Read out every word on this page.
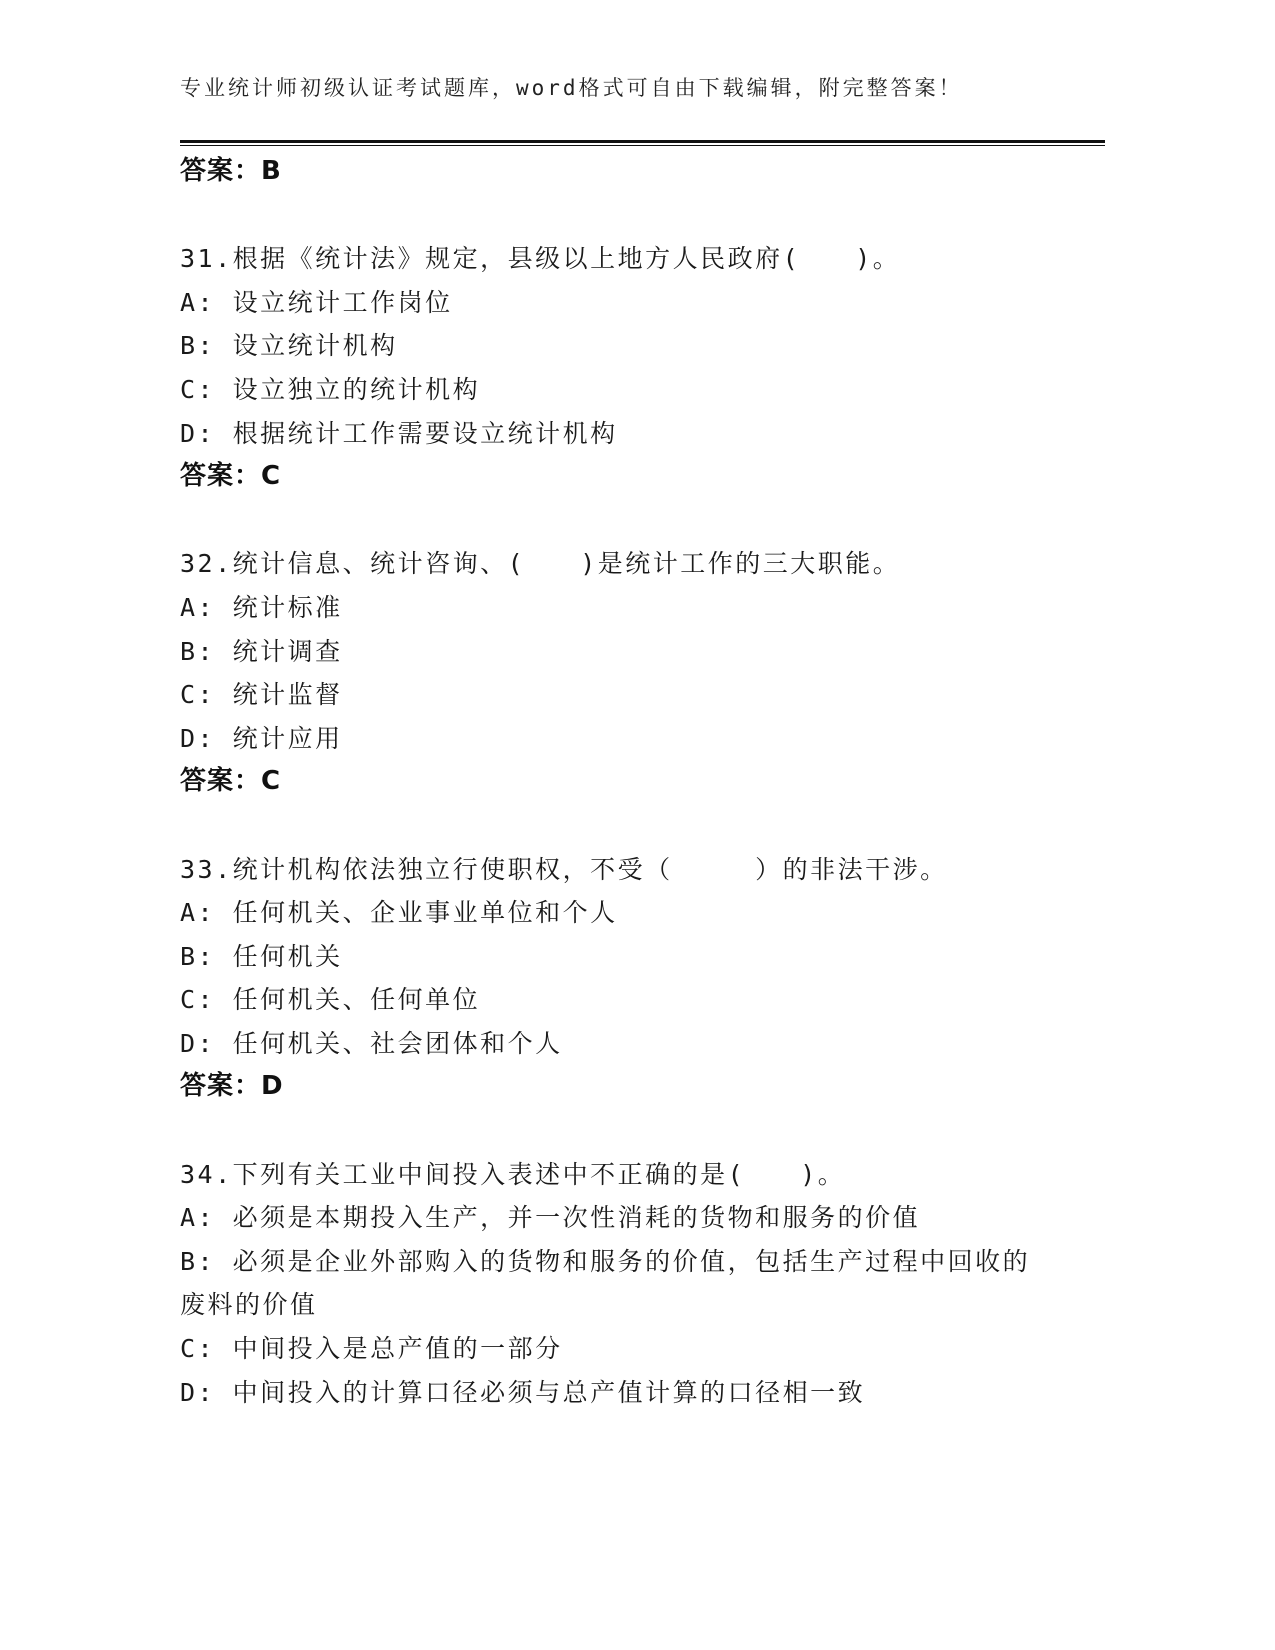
专业统计师初级认证考试题库，word格式可自由下载编辑，附完整答案！
答案：B
31.根据《统计法》规定，县级以上地方人民政府(　　)。
A: 设立统计工作岗位
B: 设立统计机构
C: 设立独立的统计机构
D: 根据统计工作需要设立统计机构
答案：C
32.统计信息、统计咨询、(　　)是统计工作的三大职能。
A: 统计标准
B: 统计调查
C: 统计监督
D: 统计应用
答案：C
33.统计机构依法独立行使职权，不受（　　　）的非法干涉。
A: 任何机关、企业事业单位和个人
B: 任何机关
C: 任何机关、任何单位
D: 任何机关、社会团体和个人
答案：D
34.下列有关工业中间投入表述中不正确的是(　　)。
A: 必须是本期投入生产，并一次性消耗的货物和服务的价值
B: 必须是企业外部购入的货物和服务的价值，包括生产过程中回收的废料的价值
C: 中间投入是总产值的一部分
D: 中间投入的计算口径必须与总产值计算的口径相一致
